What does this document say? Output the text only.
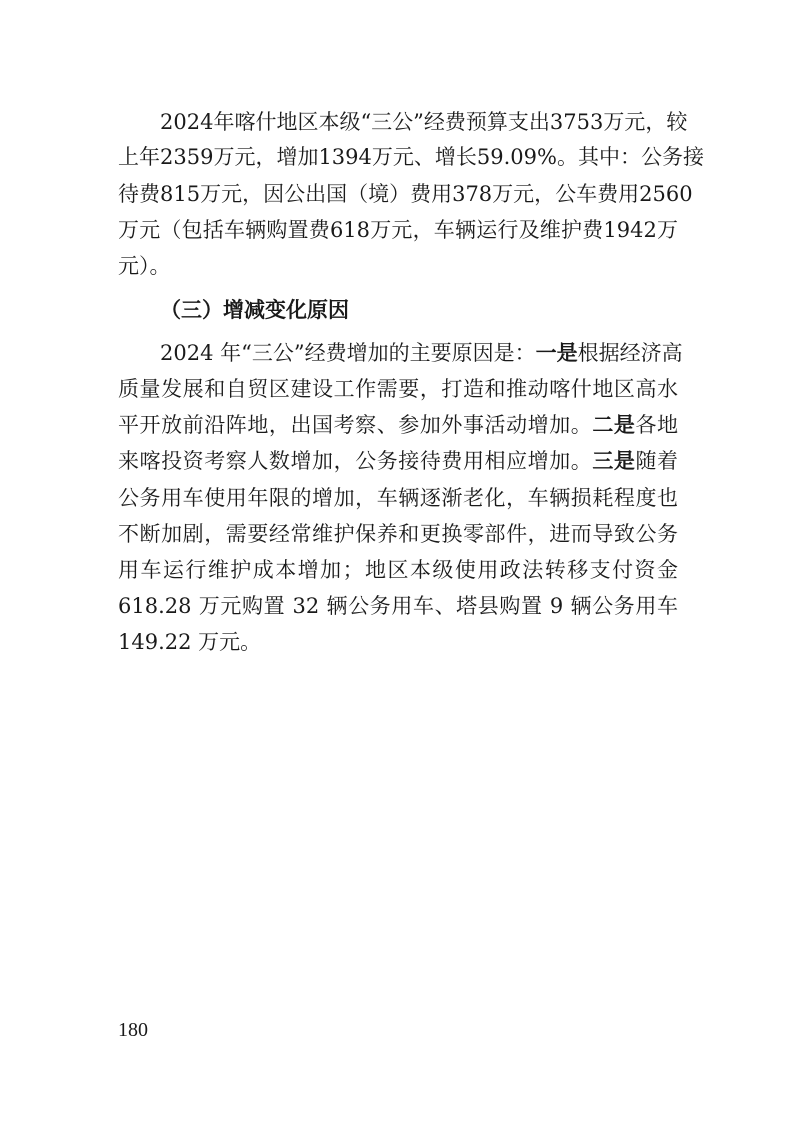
2024年喀什地区本级“三公”经费预算支出3753万元，较
上年2359万元，增加1394万元、增长59.09%。其中：公务接
待费815万元，因公出国（境）费用378万元，公车费用2560
万元（包括车辆购置费618万元，车辆运行及维护费1942万
元）。
（三）增减变化原因
2024 年“三公”经费增加的主要原因是：一是根据经济高
质量发展和自贸区建设工作需要，打造和推动喀什地区高水
平开放前沿阵地，出国考察、参加外事活动增加。二是各地
来喀投资考察人数增加，公务接待费用相应增加。三是随着
公务用车使用年限的增加，车辆逐渐老化，车辆损耗程度也
不断加剧，需要经常维护保养和更换零部件，进而导致公务
用车运行维护成本增加；地区本级使用政法转移支付资金
618.28 万元购置 32 辆公务用车、塔县购置 9 辆公务用车
149.22 万元。
180
